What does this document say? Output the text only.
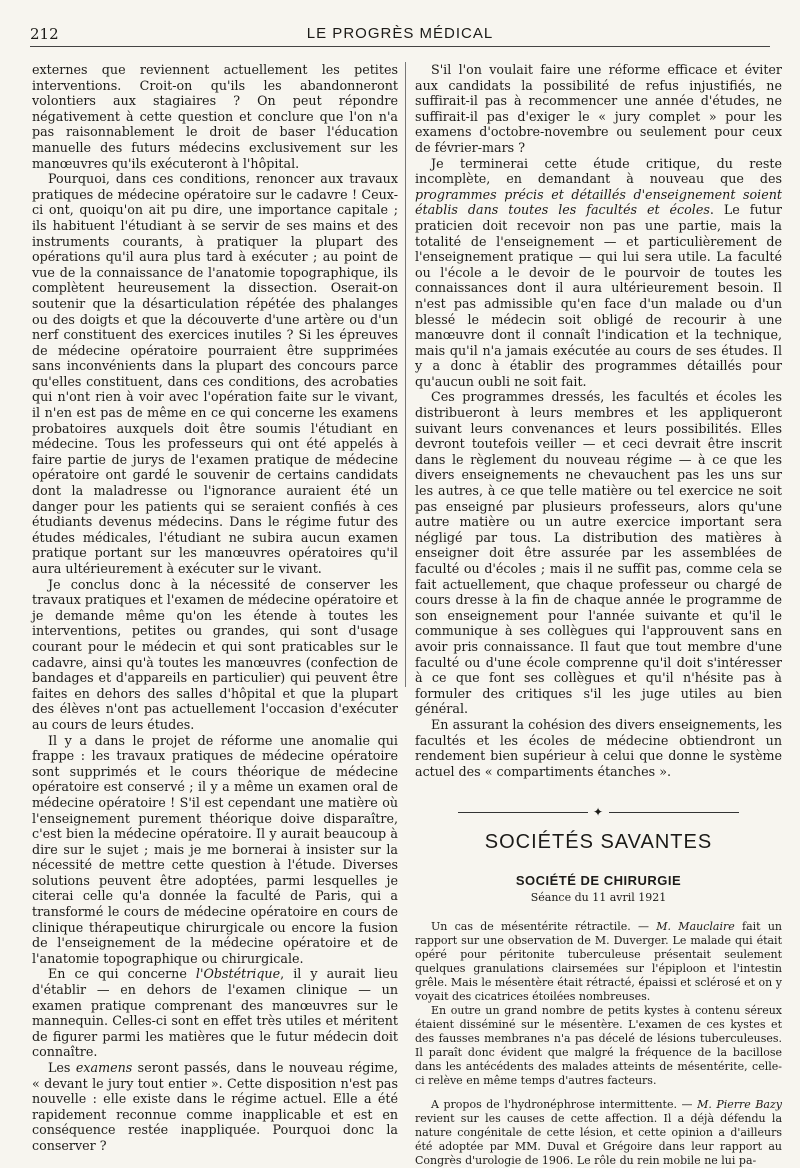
212	LE PROGRÈS MÉDICAL

externes que reviennent actuellement les petites interventions. Croit-on qu'ils les abandonneront volontiers aux stagiaires ? On peut répondre négativement à cette question et conclure que l'on n'a pas raisonnablement le droit de baser l'éducation manuelle des futurs médecins exclusivement sur les manœuvres qu'ils exécuteront à l'hôpital.

Pourquoi, dans ces conditions, renoncer aux travaux pratiques de médecine opératoire sur le cadavre ! Ceux-ci ont, quoiqu'on ait pu dire, une importance capitale ; ils habituent l'étudiant à se servir de ses mains et des instruments courants, à pratiquer la plupart des opérations qu'il aura plus tard à exécuter ; au point de vue de la connaissance de l'anatomie topographique, ils complètent heureusement la dissection. Oserait-on soutenir que la désarticulation répétée des phalanges ou des doigts et que la découverte d'une artère ou d'un nerf constituent des exercices inutiles ? Si les épreuves de médecine opératoire pourraient être supprimées sans inconvénients dans la plupart des concours parce qu'elles constituent, dans ces conditions, des acrobaties qui n'ont rien à voir avec l'opération faite sur le vivant, il n'en est pas de même en ce qui concerne les examens probatoires auxquels doit être soumis l'étudiant en médecine. Tous les professeurs qui ont été appelés à faire partie de jurys de l'examen pratique de médecine opératoire ont gardé le souvenir de certains candidats dont la maladresse ou l'ignorance auraient été un danger pour les patients qui se seraient confiés à ces étudiants devenus médecins. Dans le régime futur des études médicales, l'étudiant ne subira aucun examen pratique portant sur les manœuvres opératoires qu'il aura ultérieurement à exécuter sur le vivant.

Je conclus donc à la nécessité de conserver les travaux pratiques et l'examen de médecine opératoire et je demande même qu'on les étende à toutes les interventions, petites ou grandes, qui sont d'usage courant pour le médecin et qui sont praticables sur le cadavre, ainsi qu'à toutes les manœuvres (confection de bandages et d'appareils en particulier) qui peuvent être faites en dehors des salles d'hôpital et que la plupart des élèves n'ont pas actuellement l'occasion d'exécuter au cours de leurs études.

Il y a dans le projet de réforme une anomalie qui frappe : les travaux pratiques de médecine opératoire sont supprimés et le cours théorique de médecine opératoire est conservé ; il y a même un examen oral de médecine opératoire ! S'il est cependant une matière où l'enseignement purement théorique doive disparaître, c'est bien la médecine opératoire. Il y aurait beaucoup à dire sur le sujet ; mais je me bornerai à insister sur la nécessité de mettre cette question à l'étude. Diverses solutions peuvent être adoptées, parmi lesquelles je citerai celle qu'a donnée la faculté de Paris, qui a transformé le cours de médecine opératoire en cours de clinique thérapeutique chirurgicale ou encore la fusion de l'enseignement de la médecine opératoire et de l'anatomie topographique ou chirurgicale.

En ce qui concerne l'Obstétrique, il y aurait lieu d'établir — en dehors de l'examen clinique — un examen pratique comprenant des manœuvres sur le mannequin. Celles-ci sont en effet très utiles et méritent de figurer parmi les matières que le futur médecin doit connaître.

Les examens seront passés, dans le nouveau régime, « devant le jury tout entier ». Cette disposition n'est pas nouvelle : elle existe dans le régime actuel. Elle a été rapidement reconnue comme inapplicable et est en conséquence restée inappliquée. Pourquoi donc la conserver ?

S'il l'on voulait faire une réforme efficace et éviter aux candidats la possibilité de refus injustifiés, ne suffirait-il pas à recommencer une année d'études, ne suffirait-il pas d'exiger le « jury complet » pour les examens d'octobre-novembre ou seulement pour ceux de février-mars ?

Je terminerai cette étude critique, du reste incomplète, en demandant à nouveau que des programmes précis et détaillés d'enseignement soient établis dans toutes les facultés et écoles. Le futur praticien doit recevoir non pas une partie, mais la totalité de l'enseignement — et particulièrement de l'enseignement pratique — qui lui sera utile. La faculté ou l'école a le devoir de le pourvoir de toutes les connaissances dont il aura ultérieurement besoin. Il n'est pas admissible qu'en face d'un malade ou d'un blessé le médecin soit obligé de recourir à une manœuvre dont il connaît l'indication et la technique, mais qu'il n'a jamais exécutée au cours de ses études. Il y a donc à établir des programmes détaillés pour qu'aucun oubli ne soit fait.

Ces programmes dressés, les facultés et écoles les distribueront à leurs membres et les appliqueront suivant leurs convenances et leurs possibilités. Elles devront toutefois veiller — et ceci devrait être inscrit dans le règlement du nouveau régime — à ce que les divers enseignements ne chevauchent pas les uns sur les autres, à ce que telle matière ou tel exercice ne soit pas enseigné par plusieurs professeurs, alors qu'une autre matière ou un autre exercice important sera négligé par tous. La distribution des matières à enseigner doit être assurée par les assemblées de faculté ou d'écoles ; mais il ne suffit pas, comme cela se fait actuellement, que chaque professeur ou chargé de cours dresse à la fin de chaque année le programme de son enseignement pour l'année suivante et qu'il le communique à ses collègues qui l'approuvent sans en avoir pris connaissance. Il faut que tout membre d'une faculté ou d'une école comprenne qu'il doit s'intéresser à ce que font ses collègues et qu'il n'hésite pas à formuler des critiques s'il les juge utiles au bien général.

En assurant la cohésion des divers enseignements, les facultés et les écoles de médecine obtiendront un rendement bien supérieur à celui que donne le système actuel des « compartiments étanches ».

✦
SOCIÉTÉS SAVANTES
SOCIÉTÉ DE CHIRURGIE
Séance du 11 avril 1921

Un cas de mésentérite rétractile. — M. Mauclaire fait un rapport sur une observation de M. Duverger. Le malade qui était opéré pour péritonite tuberculeuse présentait seulement quelques granulations clairsemées sur l'épiploon et l'intestin grêle. Mais le mésentère était rétracté, épaissi et sclérosé et on y voyait des cicatrices étoilées nombreuses.

En outre un grand nombre de petits kystes à contenu séreux étaient disséminé sur le mésentère. L'examen de ces kystes et des fausses membranes n'a pas décelé de lésions tuberculeuses. Il paraît donc évident que malgré la fréquence de la bacillose dans les antécédents des malades atteints de mésentérite, celle-ci relève en même temps d'autres facteurs.

A propos de l'hydronéphrose intermittente. — M. Pierre Bazy revient sur les causes de cette affection. Il a déjà défendu la nature congénitale de cette lésion, et cette opinion a d'ailleurs été adoptée par MM. Duval et Grégoire dans leur rapport au Congrès d'urologie de 1906. Le rôle du rein mobile ne lui pa-
